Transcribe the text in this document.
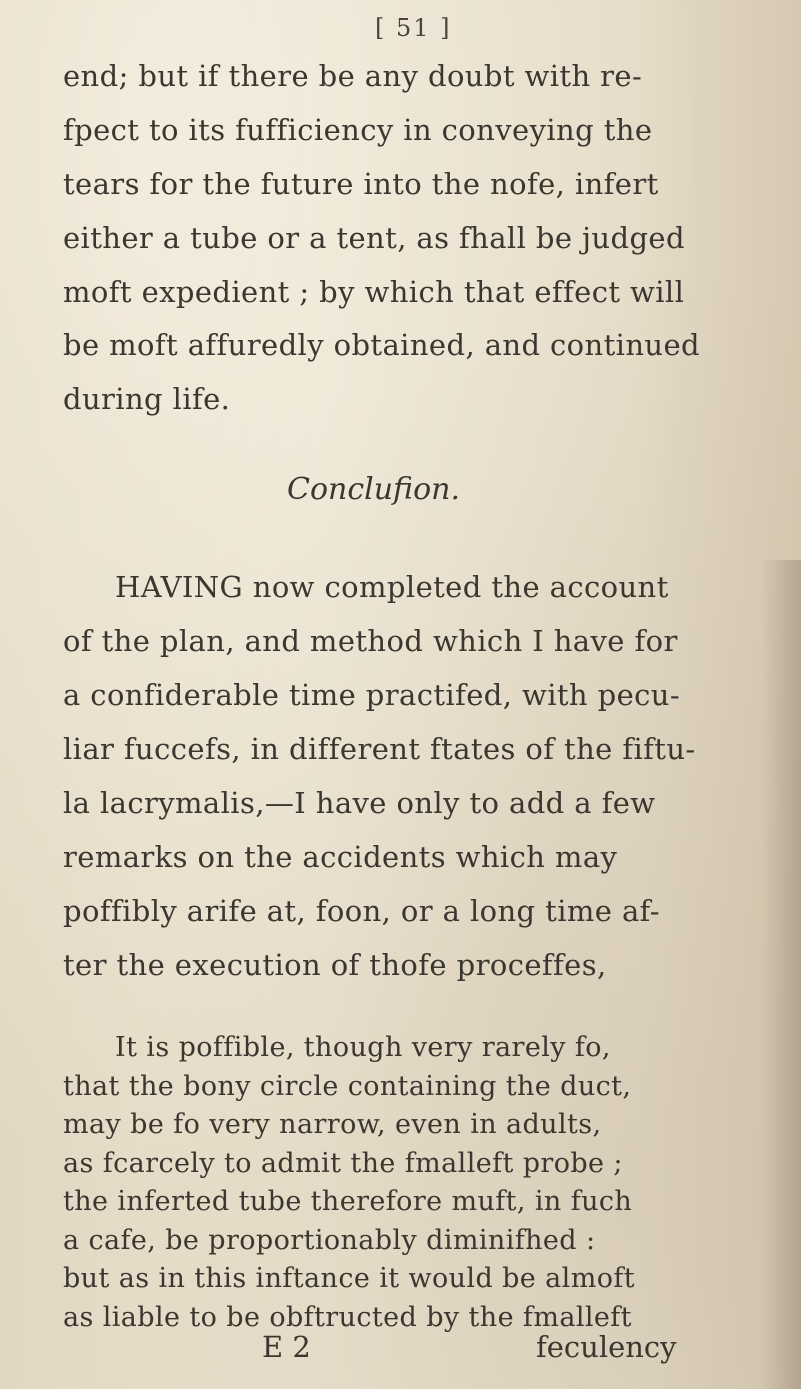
[ 51 ]
end; but if there be any doubt with re-
fpect to its fufficiency in conveying the
tears for the future into the nofe, infert
either a tube or a tent, as fhall be judged
moft expedient ; by which that effect will
be moft affuredly obtained, and continued
during life.
Conclufion.
HAVING now completed the account
of the plan, and method which I have for
a confiderable time practifed, with pecu-
liar fuccefs, in different ftates of the fiftu-
la lacrymalis,—I have only to add a few
remarks on the accidents which may
poffibly arife at, foon, or a long time af-
ter the execution of thofe proceffes,
It is poffible, though very rarely fo,
that the bony circle containing the duct,
may be fo very narrow, even in adults,
as fcarcely to admit the fmalleft probe ;
the inferted tube therefore muft, in fuch
E 2	feculency
a cafe, be proportionably diminifhed :
but as in this inftance it would be almoft
as liable to be obftructed by the fmalleft
